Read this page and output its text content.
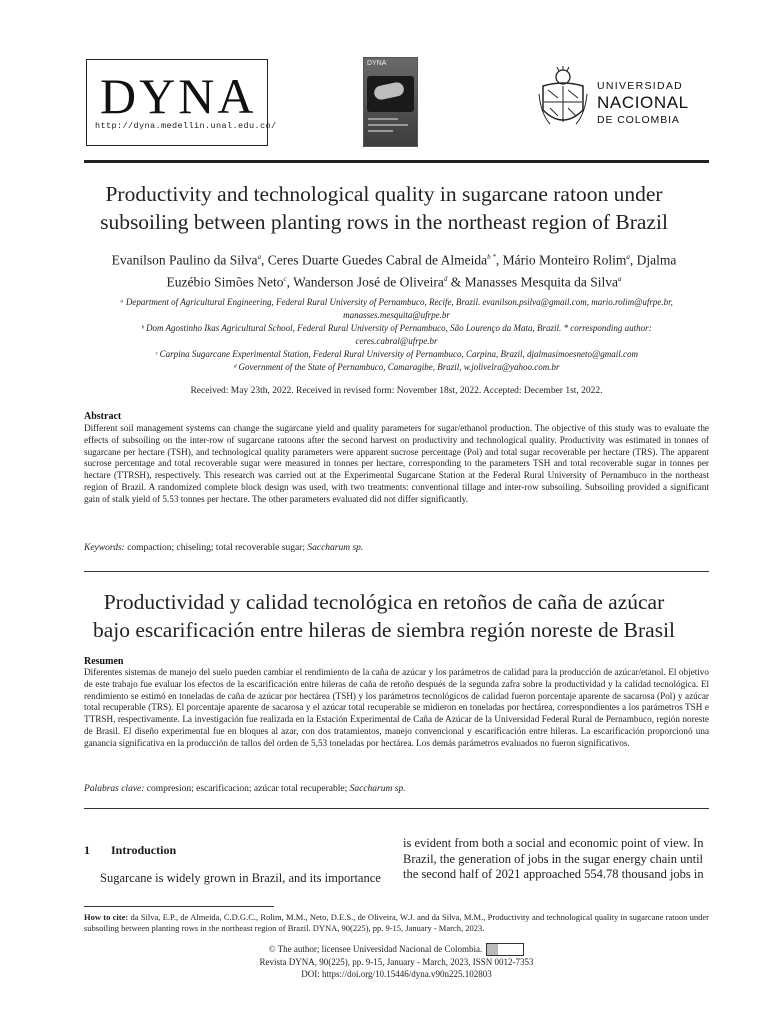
DYNA
http://dyna.medellin.unal.edu.co/
DYNA
UNIVERSIDAD
NACIONAL
DE COLOMBIA
Productivity and technological quality in sugarcane ratoon under
subsoiling between planting rows in the northeast region of Brazil
Evanilson Paulino da Silva$^a$, Ceres Duarte Guedes Cabral de Almeida$^{b *}$, Mário Monteiro Rolim$^a$, Djalma
Euzébio Simões Neto$^c$, Wanderson José de Oliveira$^d$ & Manasses Mesquita da Silva$^a$
ᵃ Department of Agricultural Engineering, Federal Rural University of Pernambuco, Recife, Brazil. evanilson.psilva@gmail.com, mario.rolim@ufrpe.br,
manasses.mesquita@ufrpe.br
ᵇ Dom Agostinho Ikas Agricultural School, Federal Rural University of Pernambuco, São Lourenço da Mata, Brazil. * corresponding author:
ceres.cabral@ufrpe.br
ᶜ Carpina Sugarcane Experimental Station, Federal Rural University of Pernambuco, Carpina, Brazil, djalmasimoesneto@gmail.com
ᵈ Government of the State of Pernambuco, Camaragibe, Brazil, w.jolivelra@yahoo.com.br
Received: May 23th, 2022. Received in revised form: November 18st, 2022. Accepted: December 1st, 2022.
Abstract
Different soil management systems can change the sugarcane yield and quality parameters for sugar/ethanol production. The objective of this study was to evaluate the effects of subsoiling on the inter-row of sugarcane ratoons after the second harvest on productivity and technological quality. Productivity was estimated in tonnes of sugarcane per hectare (TSH), and technological quality parameters were apparent sucrose percentage (Pol) and total sugar recoverable per hectare (TRS). The apparent sucrose percentage and total recoverable sugar were measured in tonnes per hectare, corresponding to the parameters TSH and total recoverable sugar in tonnes per hectare (TTRSH), respectively. This research was carried out at the Experimental Sugarcane Station at the Federal Rural University of Pernambuco in the northeast region of Brazil. A randomized complete block design was used, with two treatments: conventional tillage and inter-row subsoiling. Subsoiling provided a significant gain of stalk yield of 5.53 tonnes per hectare. The other parameters evaluated did not differ significantly.
Keywords: compaction; chiseling; total recoverable sugar; Saccharum sp.
Productividad y calidad tecnológica en retoños de caña de azúcar
bajo escarificación entre hileras de siembra región noreste de Brasil
Resumen
Diferentes sistemas de manejo del suelo pueden cambiar el rendimiento de la caña de azúcar y los parámetros de calidad para la producción de azúcar/etanol. El objetivo de este trabajo fue evaluar los efectos de la escarificación entre hileras de caña de retoño después de la segunda zafra sobre la productividad y la calidad tecnológica. El rendimiento se estimó en toneladas de caña de azúcar por hectárea (TSH) y los parámetros tecnológicos de calidad fueron porcentaje aparente de sacarosa (Pol) y azúcar total recuperable (TRS). El porcentaje aparente de sacarosa y el azúcar total recuperable se midieron en toneladas por hectárea, correspondientes a los parámetros TSH e TTRSH, respectivamente. La investigación fue realizada en la Estación Experimental de Caña de Azúcar de la Universidad Federal Rural de Pernambuco, región noreste de Brasil. El diseño experimental fue en bloques al azar, con dos tratamientos, manejo convencional y escarificación entre hileras. La escarificación proporcionó una ganancia significativa en la producción de tallos del orden de 5,53 toneladas por hectárea. Los demás parámetros evaluados no fueron significativos.
Palabras clave: compresion; escarificacion; azúcar total recuperable; Saccharum sp.
1 Introduction
Sugarcane is widely grown in Brazil, and its importance
is evident from both a social and economic point of view. In
Brazil, the generation of jobs in the sugar energy chain until
the second half of 2021 approached 554.78 thousand jobs in
How to cite: da Silva, E.P., de Almeida, C.D.G.C., Rolim, M.M., Neto, D.E.S., de Oliveira, W.J. and da Silva, M.M., Productivity and technological quality in sugarcane ratoon under subsoiling between planting rows in the northeast region of Brazil. DYNA, 90(225), pp. 9-15, January - March, 2023.
© The author; licensee Universidad Nacional de Colombia.
Revista DYNA, 90(225), pp. 9-15, January - March, 2023, ISSN 0012-7353
DOI: https://doi.org/10.15446/dyna.v90n225.102803
